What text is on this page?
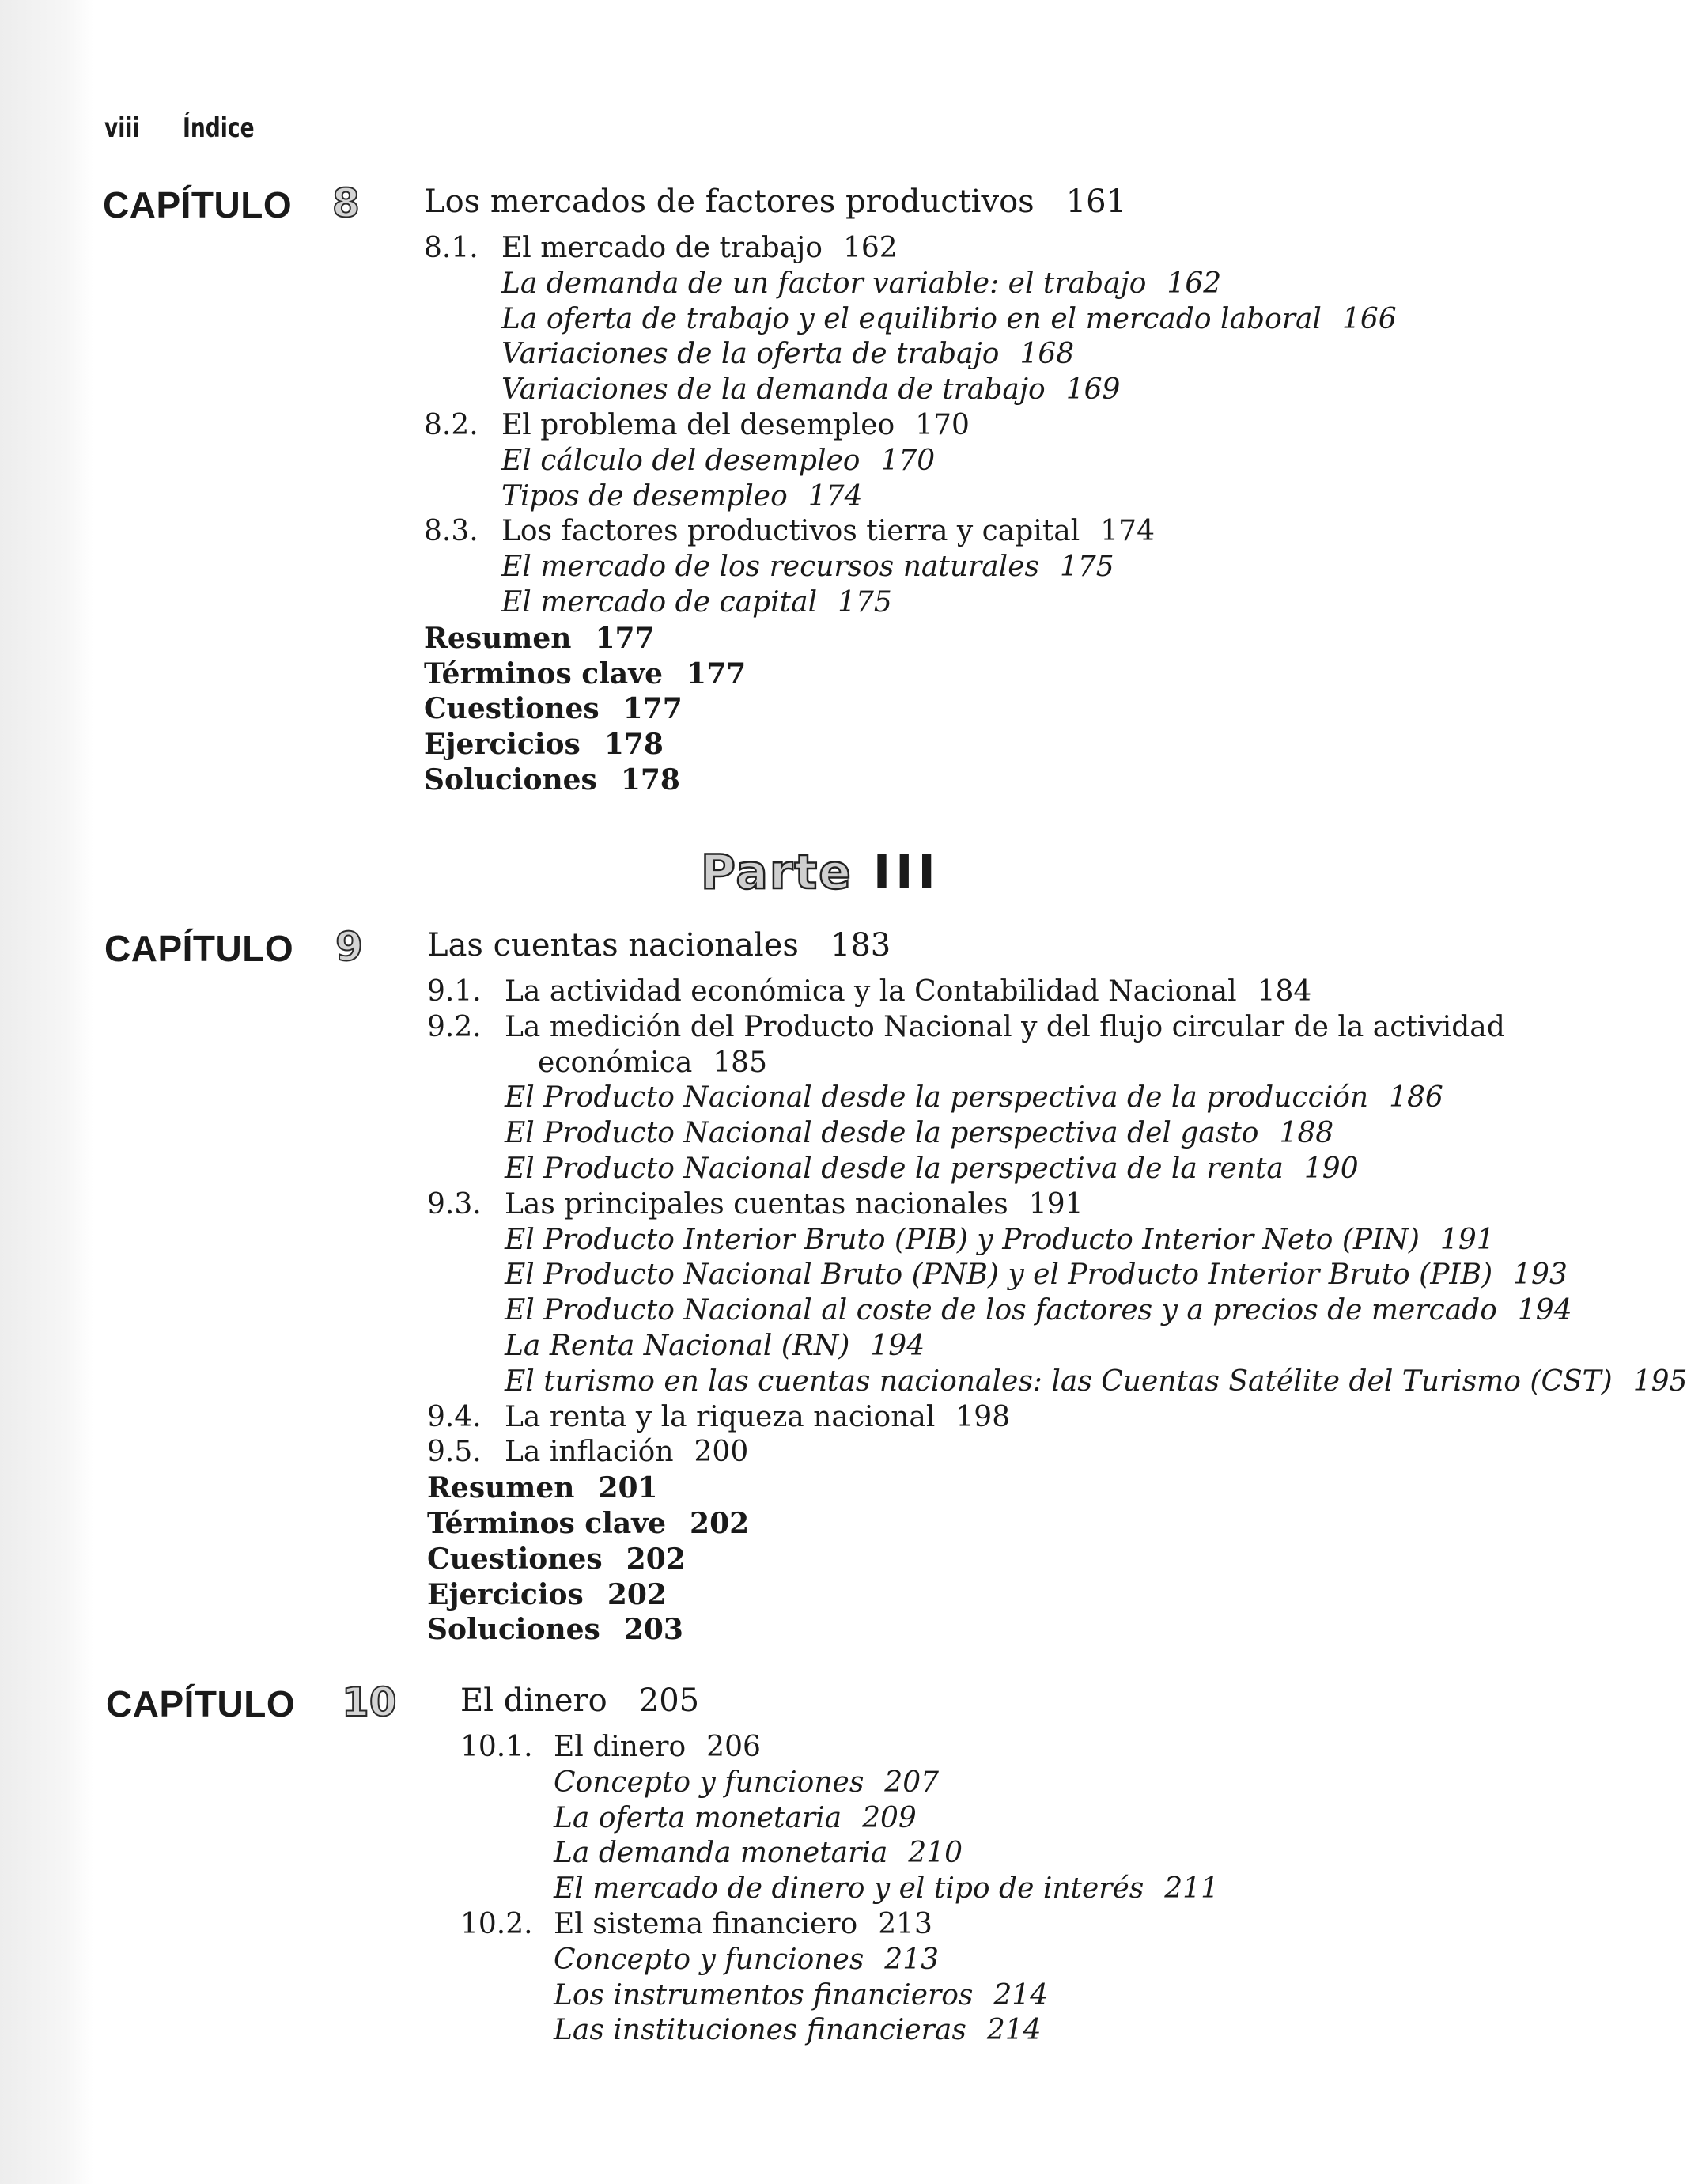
viii Índice
CAPÍTULO 8 Los mercados de factores productivos 161
8.1. El mercado de trabajo 162
La demanda de un factor variable: el trabajo 162
La oferta de trabajo y el equilibrio en el mercado laboral 166
Variaciones de la oferta de trabajo 168
Variaciones de la demanda de trabajo 169
8.2. El problema del desempleo 170
El cálculo del desempleo 170
Tipos de desempleo 174
8.3. Los factores productivos tierra y capital 174
El mercado de los recursos naturales 175
El mercado de capital 175
Resumen 177
Términos clave 177
Cuestiones 177
Ejercicios 178
Soluciones 178
Parte III
CAPÍTULO 9 Las cuentas nacionales 183
9.1. La actividad económica y la Contabilidad Nacional 184
9.2. La medición del Producto Nacional y del flujo circular de la actividad
económica 185
El Producto Nacional desde la perspectiva de la producción 186
El Producto Nacional desde la perspectiva del gasto 188
El Producto Nacional desde la perspectiva de la renta 190
9.3. Las principales cuentas nacionales 191
El Producto Interior Bruto (PIB) y Producto Interior Neto (PIN) 191
El Producto Nacional Bruto (PNB) y el Producto Interior Bruto (PIB) 193
El Producto Nacional al coste de los factores y a precios de mercado 194
La Renta Nacional (RN) 194
El turismo en las cuentas nacionales: las Cuentas Satélite del Turismo (CST) 195
9.4. La renta y la riqueza nacional 198
9.5. La inflación 200
Resumen 201
Términos clave 202
Cuestiones 202
Ejercicios 202
Soluciones 203
CAPÍTULO 10 El dinero 205
10.1. El dinero 206
Concepto y funciones 207
La oferta monetaria 209
La demanda monetaria 210
El mercado de dinero y el tipo de interés 211
10.2. El sistema financiero 213
Concepto y funciones 213
Los instrumentos financieros 214
Las instituciones financieras 214
